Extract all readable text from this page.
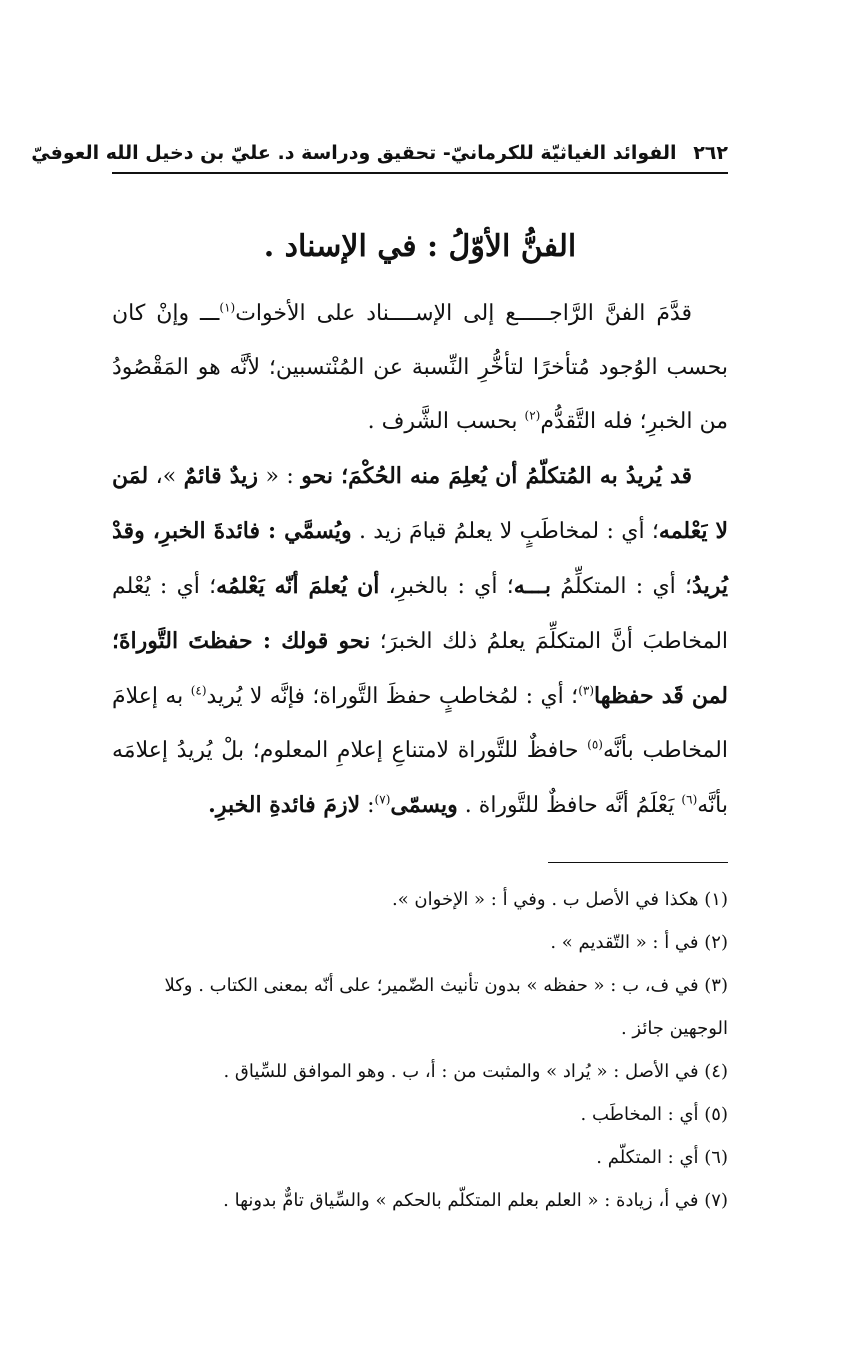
٢٦٢ الفوائد الغياثيّة للكرمانيّ- تحقيق ودراسة د. عليّ بن دخيل الله العوفيّ
الفنُّ الأوّلُ : في الإسناد .

قدَّمَ الفنَّ الرَّاجـــــع إلى الإســــناد على الأخوات$^{(١)}$ـــ وإنْ كان بحسب الوُجود مُتأخرًا لتأخُّرِ النِّسبة عن المُنْتسبين؛ لأنَّه هو المَقْصُودُ من الخبرِ؛ فله التَّقدُّم$^{(٢)}$ بحسب الشَّرف .

قد يُريدُ به المُتكلّمُ أن يُعلِمَ منه الحُكْمَ؛ نحو : « زيدٌ قائمٌ »، لمَن لا يَعْلمه؛ أي : لمخاطَبٍ لا يعلمُ قيامَ زيد . ويُسمَّي : فائدةَ الخبرِ، وقدْ يُريدُ؛ أي : المتكلِّمُ بـــه؛ أي : بالخبرِ، أن يُعلمَ أنّه يَعْلمُه؛ أي : يُعْلم المخاطبَ أنَّ المتكلِّمَ يعلمُ ذلك الخبرَ؛ نحو قولك : حفظتَ التَّوراةَ؛ لمن قَد حفظها$^{(٣)}$؛ أي : لمُخاطبٍ حفظَ التَّوراة؛ فإنَّه لا يُريد$^{(٤)}$ به إعلامَ المخاطب بأنَّه$^{(٥)}$ حافظٌ للتَّوراة لامتناعِ إعلامِ المعلوم؛ بلْ يُريدُ إعلامَه بأنَّه$^{(٦)}$ يَعْلَمُ أنَّه حافظٌ للتَّوراة . ويسمّى$^{(٧)}$: لازمَ فائدةِ الخبرِ.

(١) هكذا في الأصل ب . وفي أ : « الإخوان ».

(٢) في أ : « التّقديم » .

(٣) في ف، ب : « حفظه » بدون تأنيث الضّمير؛ على أنّه بمعنى الكتاب . وكلا الوجهين جائز .

(٤) في الأصل : « يُراد » والمثبت من : أ، ب . وهو الموافق للسِّياق .

(٥) أي : المخاطَب .

(٦) أي : المتكلّم .

(٧) في أ، زيادة : « العلم بعلم المتكلّم بالحكم » والسِّياق تامٌّ بدونها .
